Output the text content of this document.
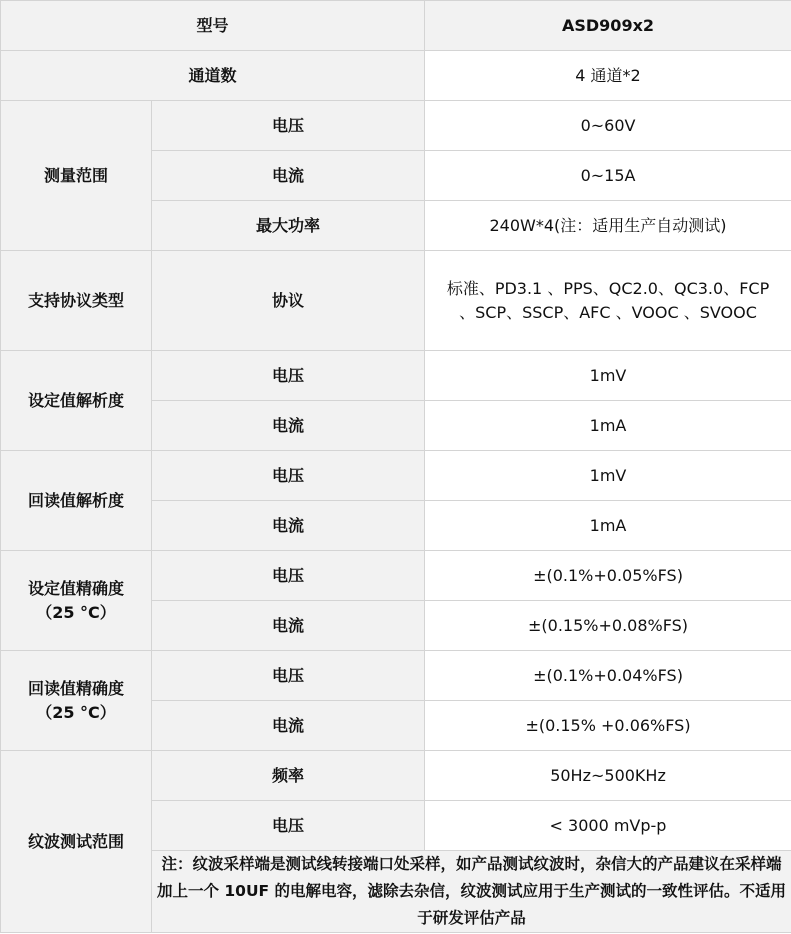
型号		ASD909x2
通道数		4 通道*2
测量范围	电压	0~60V
	电流	0~15A
	最大功率	240W*4(注：适用生产自动测试)
支持协议类型	协议	标准、PD3.1 、PPS、QC2.0、QC3.0、FCP
、SCP、SSCP、AFC 、VOOC 、SVOOC

设定值解析度	电压	1mV
	电流	1mA
回读值解析度	电压	1mV
	电流	1mA

设定值精确度
（25 °C）	电压	±(0.1%+0.05%FS)
	电流	±(0.15%+0.08%FS)

回读值精确度
（25 °C）	电压	±(0.1%+0.04%FS)
	电流	±(0.15% +0.06%FS)
纹波测试范围	频率	50Hz~500KHz
	电压	< 3000 mVp-p
	注：纹波采样端是测试线转接端口处采样，如产品测试纹波时，杂信大的产品建议在采样端加上一个 10UF 的电解电容，滤除去杂信，纹波测试应用于生产测试的一致性评估。不适用于研发评估产品	
